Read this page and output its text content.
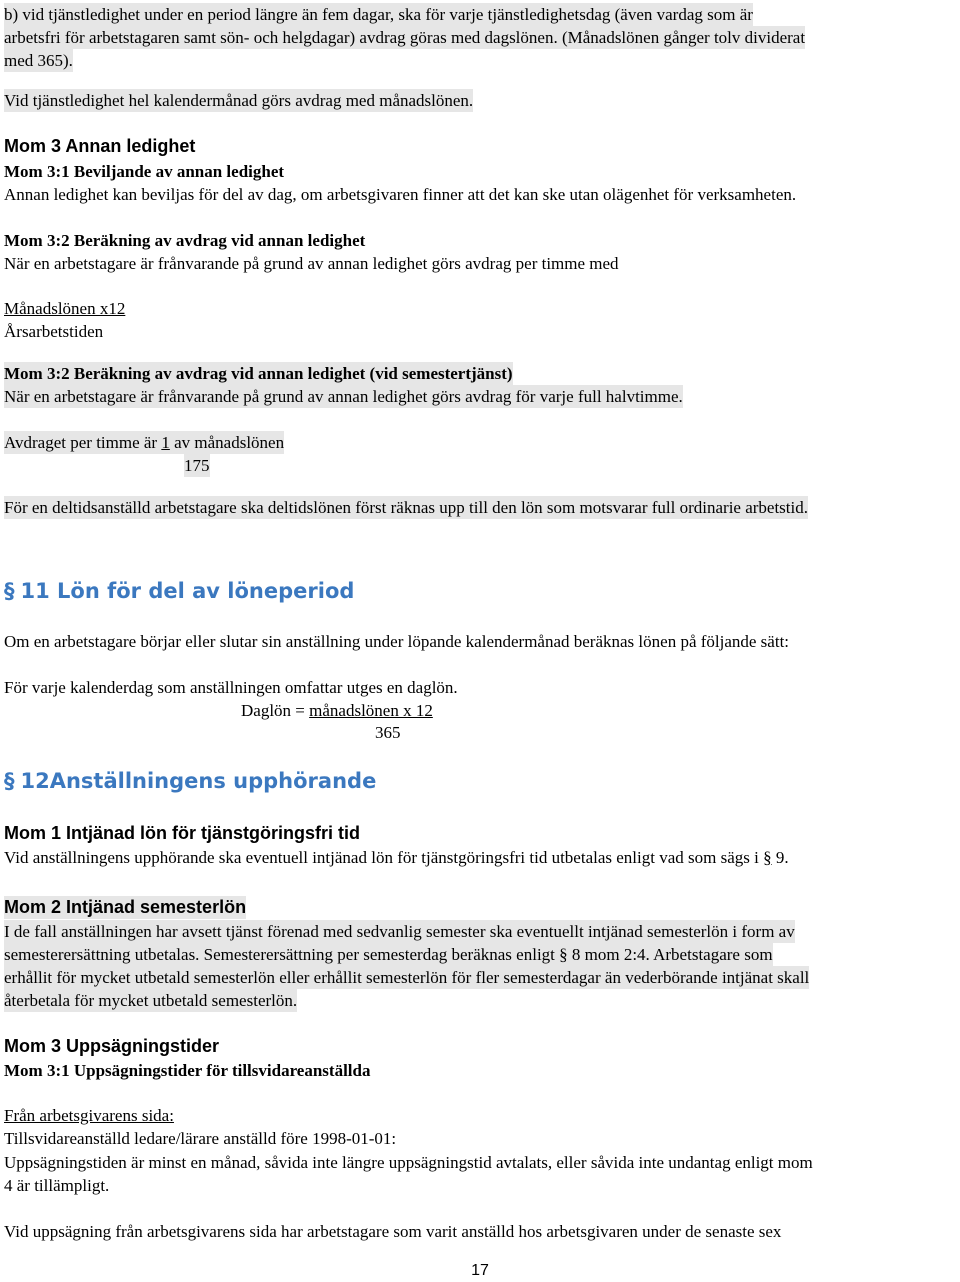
b) vid tjänstledighet under en period längre än fem dagar, ska för varje tjänstledighetsdag (även vardag som är
arbetsfri för arbetstagaren samt sön- och helgdagar) avdrag göras med dagslönen. (Månadslönen gånger tolv dividerat
med 365).
Vid tjänstledighet hel kalendermånad görs avdrag med månadslönen.
Mom 3 Annan ledighet
Mom 3:1 Beviljande av annan ledighet
Annan ledighet kan beviljas för del av dag, om arbetsgivaren finner att det kan ske utan olägenhet för verksamheten.
Mom 3:2 Beräkning av avdrag vid annan ledighet
När en arbetstagare är frånvarande på grund av annan ledighet görs avdrag per timme med
Månadslönen x12
Årsarbetstiden
Mom 3:2 Beräkning av avdrag vid annan ledighet (vid semestertjänst)
När en arbetstagare är frånvarande på grund av annan ledighet görs avdrag för varje full halvtimme.
Avdraget per timme är 1 av månadslönen
175
För en deltidsanställd arbetstagare ska deltidslönen först räknas upp till den lön som motsvarar full ordinarie arbetstid.
§ 11 Lön för del av löneperiod
Om en arbetstagare börjar eller slutar sin anställning under löpande kalendermånad beräknas lönen på följande sätt:
För varje kalenderdag som anställningen omfattar utges en daglön.
Daglön = månadslönen x 12
365
§ 12Anställningens upphörande
Mom 1 Intjänad lön för tjänstgöringsfri tid
Vid anställningens upphörande ska eventuell intjänad lön för tjänstgöringsfri tid utbetalas enligt vad som sägs i § 9.
Mom 2 Intjänad semesterlön
I de fall anställningen har avsett tjänst förenad med sedvanlig semester ska eventuellt intjänad semesterlön i form av
semesterersättning utbetalas. Semesterersättning per semesterdag beräknas enligt § 8 mom 2:4. Arbetstagare som
erhållit för mycket utbetald semesterlön eller erhållit semesterlön för fler semesterdagar än vederbörande intjänat skall
återbetala för mycket utbetald semesterlön.
Mom 3 Uppsägningstider
Mom 3:1 Uppsägningstider för tillsvidareanställda
Från arbetsgivarens sida:
Tillsvidareanställd ledare/lärare anställd före 1998-01-01:
Uppsägningstiden är minst en månad, såvida inte längre uppsägningstid avtalats, eller såvida inte undantag enligt mom
4 är tillämpligt.
Vid uppsägning från arbetsgivarens sida har arbetstagare som varit anställd hos arbetsgivaren under de senaste sex
17
